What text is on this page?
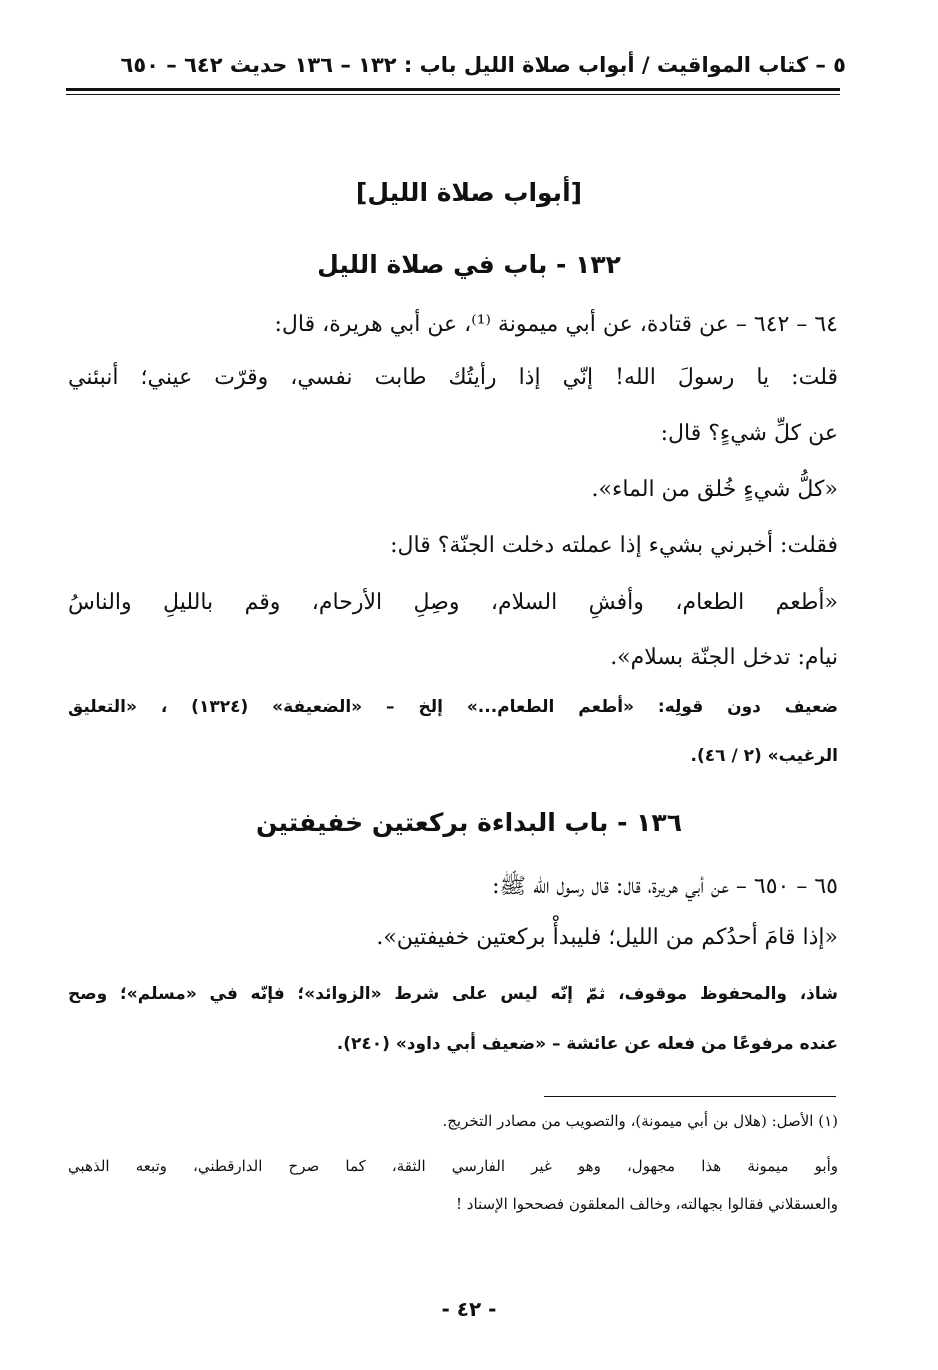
٥ – كتاب المواقيت / أبواب صلاة الليل باب : ١٣٢ – ١٣٦ حديث ٦٤٢ – ٦٥٠

[أبواب صلاة الليل]

١٣٢ - باب في صلاة الليل

٦٤ – ٦٤٢ – عن قتادة، عن أبي ميمونة ⁽¹⁾، عن أبي هريرة، قال:

قلت: يا رسولَ الله! إنّي إذا رأيتُك طابت نفسي، وقرّت عيني؛ أنبئني

عن كلِّ شيءٍ؟ قال:

«كلُّ شيءٍ خُلق من الماء».

فقلت: أخبرني بشيء إذا عملته دخلت الجنّة؟ قال:

«أطعم الطعام، وأفشِ السلام، وصِلِ الأرحام، وقم بالليلِ والناسُ

نيام: تدخل الجنّة بسلام».

ضعيف دون قولِه: «أطعم الطعام...» إلخ – «الضعيفة» (١٣٢٤) ، «التعليق

الرغيب» (٢ / ٤٦).

١٣٦ - باب البداءة بركعتين خفيفتين

٦٥ – ٦٥٠ – عن أبي هريرة، قال: قال رسول الله ﷺ:

«إذا قامَ أحدُكم من الليل؛ فليبدأْ بركعتين خفيفتين».

شاذ، والمحفوظ موقوف، ثمّ إنّه ليس على شرط «الزوائد»؛ فإنّه في «مسلم»؛ وصح

عنده مرفوعًا من فعله عن عائشة – «ضعيف أبي داود» (٢٤٠).

(١) الأصل: (هلال بن أبي ميمونة)، والتصويب من مصادر التخريج.

وأبو ميمونة هذا مجهول، وهو غير الفارسي الثقة، كما صرح الدارقطني، وتبعه الذهبي

والعسقلاني فقالوا بجهالته، وخالف المعلقون فصححوا الإسناد !

- ٤٢ -
